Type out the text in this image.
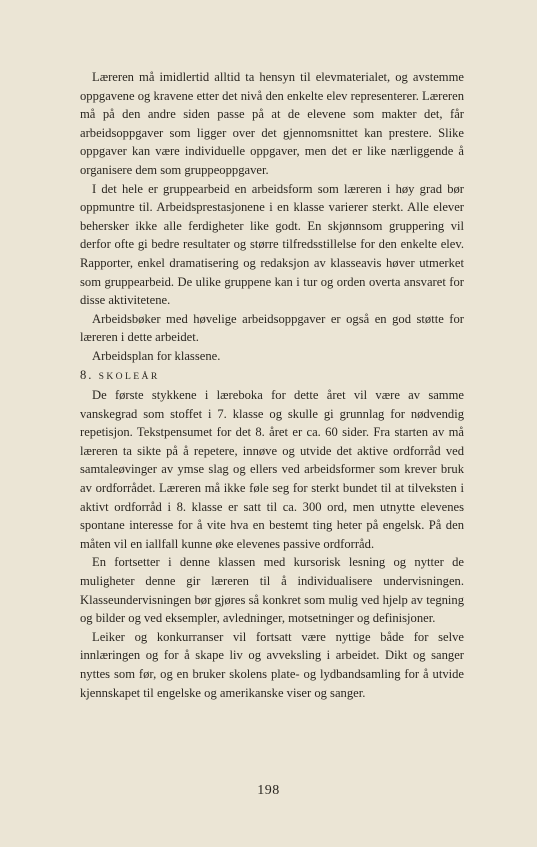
Læreren må imidlertid alltid ta hensyn til elevmaterialet, og avstemme oppgavene og kravene etter det nivå den enkelte elev representerer. Læreren må på den andre siden passe på at de elevene som makter det, får arbeidsoppgaver som ligger over det gjennomsnittet kan prestere. Slike oppgaver kan være individuelle oppgaver, men det er like nærliggende å organisere dem som gruppeoppgaver.

I det hele er gruppearbeid en arbeidsform som læreren i høy grad bør oppmuntre til. Arbeidsprestasjonene i en klasse varierer sterkt. Alle elever behersker ikke alle ferdigheter like godt. En skjønnsom gruppering vil derfor ofte gi bedre resultater og større tilfredsstillelse for den enkelte elev. Rapporter, enkel dramatisering og redaksjon av klasseavis høver utmerket som gruppearbeid. De ulike gruppene kan i tur og orden overta ansvaret for disse aktivitetene.

Arbeidsbøker med høvelige arbeidsoppgaver er også en god støtte for læreren i dette arbeidet.

Arbeidsplan for klassene.

8. SKOLEÅR

De første stykkene i læreboka for dette året vil være av samme vanskegrad som stoffet i 7. klasse og skulle gi grunnlag for nødvendig repetisjon. Tekstpensumet for det 8. året er ca. 60 sider. Fra starten av må læreren ta sikte på å repetere, innøve og utvide det aktive ordforråd ved samtaleøvinger av ymse slag og ellers ved arbeidsformer som krever bruk av ordforrådet. Læreren må ikke føle seg for sterkt bundet til at tilveksten i aktivt ordforråd i 8. klasse er satt til ca. 300 ord, men utnytte elevenes spontane interesse for å vite hva en bestemt ting heter på engelsk. På den måten vil en iallfall kunne øke elevenes passive ordforråd.

En fortsetter i denne klassen med kursorisk lesning og nytter de muligheter denne gir læreren til å individualisere undervisningen. Klasseundervisningen bør gjøres så konkret som mulig ved hjelp av tegning og bilder og ved eksempler, avledninger, motsetninger og definisjoner.

Leiker og konkurranser vil fortsatt være nyttige både for selve innlæringen og for å skape liv og avveksling i arbeidet. Dikt og sanger nyttes som før, og en bruker skolens plate- og lydbandsamling for å utvide kjennskapet til engelske og amerikanske viser og sanger.

198
